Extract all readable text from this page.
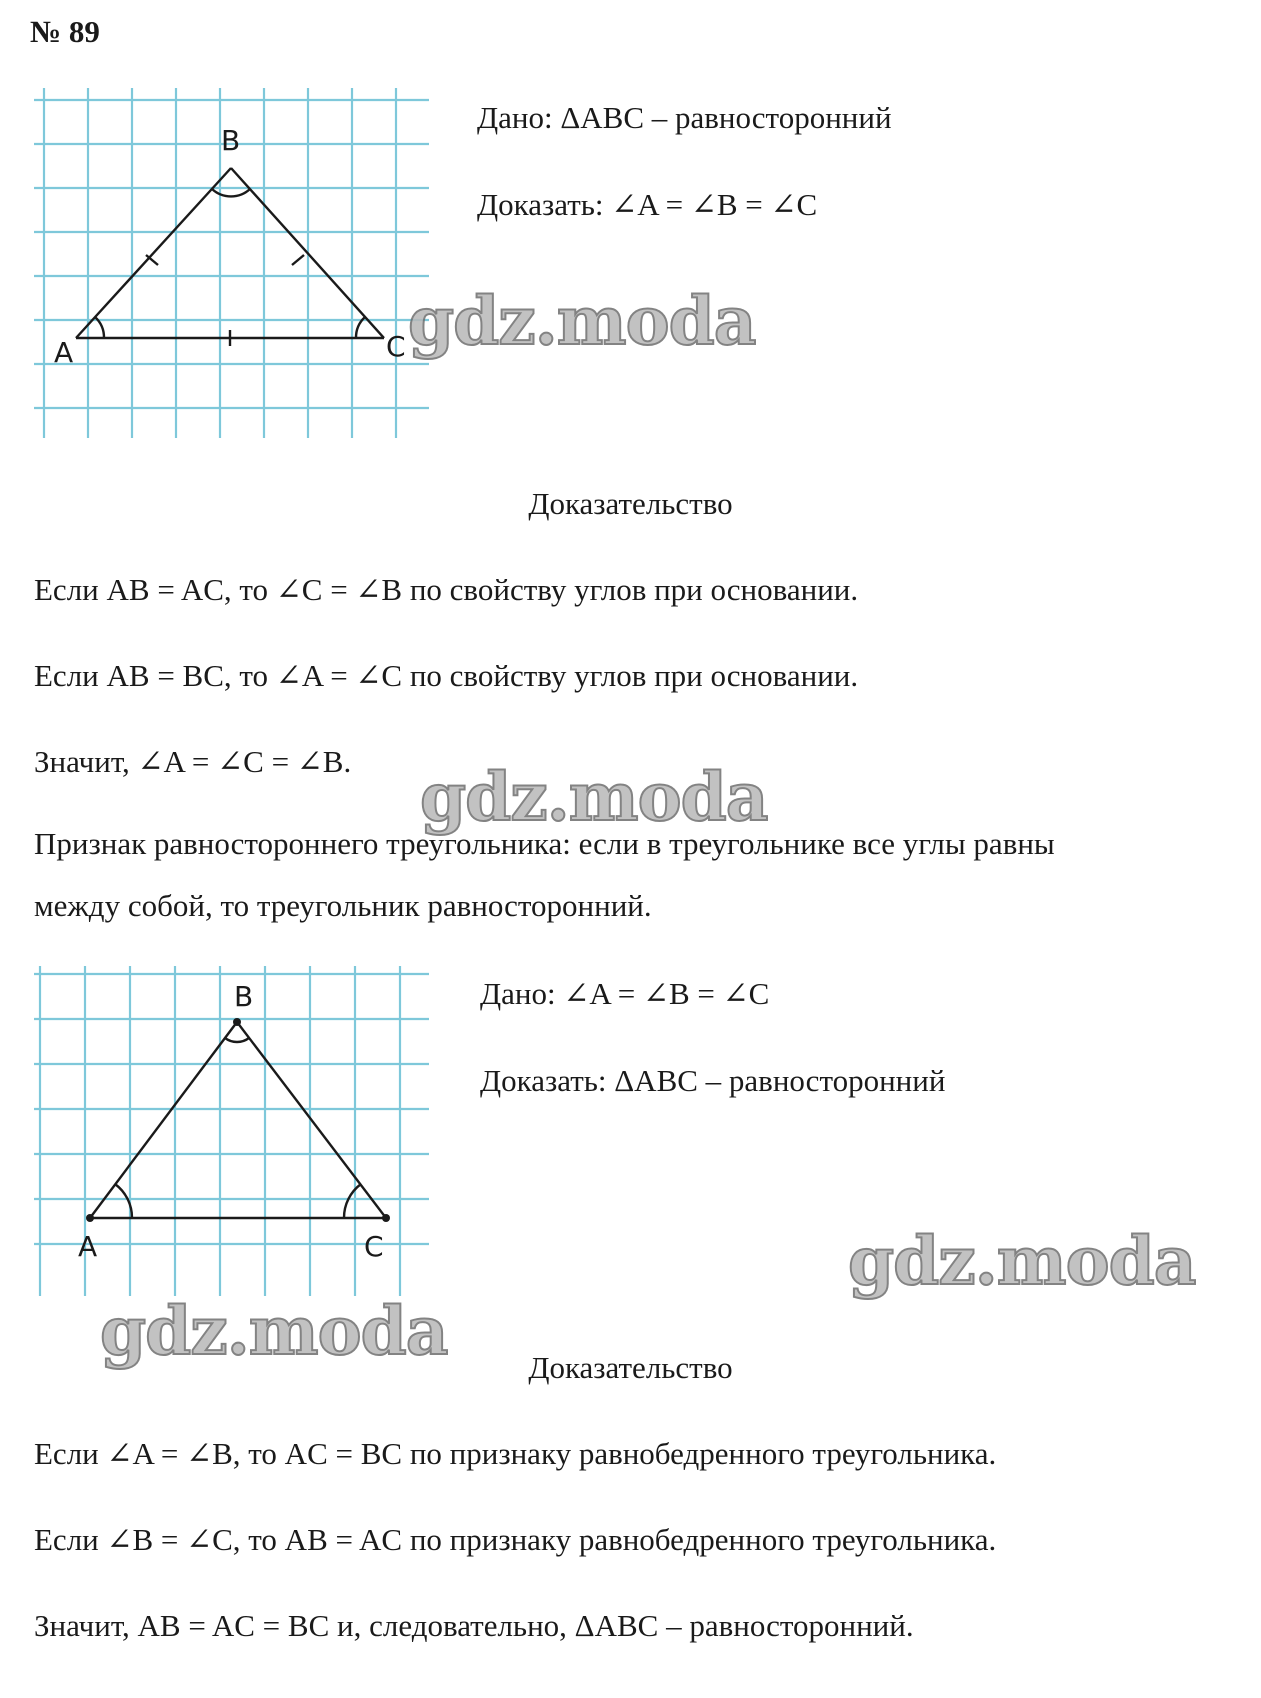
№ 89
A
B
C
Дано: ΔABC – равносторонний
Доказать: ∠A = ∠B = ∠C
Доказательство
Если AB = AC, то ∠C = ∠B по свойству углов при основании.
Если AB = BC, то ∠A = ∠C по свойству углов при основании.
Значит, ∠A = ∠C = ∠B.
Признак равностороннего треугольника: если в треугольнике все углы равны
между собой, то треугольник равносторонний.
A
B
C
Дано: ∠A = ∠B = ∠C
Доказать: ΔABC – равносторонний
Доказательство
Если ∠A = ∠B, то AC = BC по признаку равнобедренного треугольника.
Если ∠B = ∠C, то AB = AC по признаку равнобедренного треугольника.
Значит, AB = AC = BC и, следовательно, ΔABC – равносторонний.
gdz.moda
gdz.moda
gdz.moda
gdz.moda
